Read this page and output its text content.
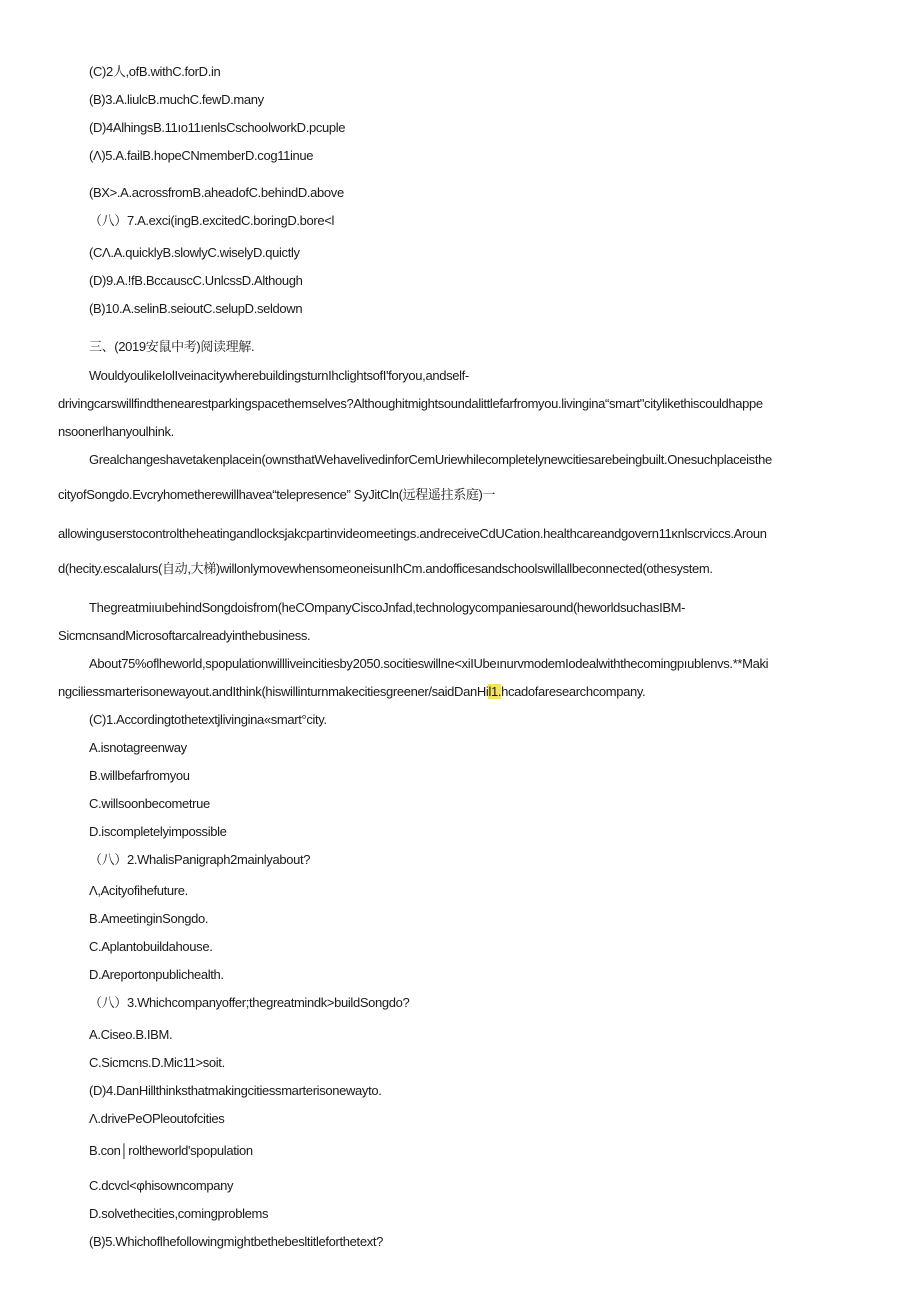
(C)2人,ofB.withC.forD.in
(B)3.A.liulcB.muchC.fewD.many
(D)4AlhingsB.11ıo11ıenlsCschoolworkD.pcuple
(Λ)5.A.failB.hopeCNmemberD.coɡ11inue
(BX>.A.acrossfromB.aheadofC.behindD.above
（八）7.A.exci(ingB.excitedC.boringD.bore<l
(CΛ.A.quicklyB.slowlyC.wiselyD.quictly
(D)9.A.!fB.BccauscC.UnlcssD.Although
(B)10.A.selinB.seioutC.selupD.seldown
三、(2019安鼠中考)阅读理解.
WouldyoulikeIolIveinacitywherebuildingsturnIhclightsofI'foryou,andself-
drivingcarswillfindthenearestparkingspacethemselves?Althoughitmightsoundalittlefarfromyou.livingina“smart"citylikethiscouldhappe
nsoonerlhanyoulhink.
Grealchangeshavetakenplacein(ownsthatWehavelivedinforCemUriewhilecompletelynewcitiesarebeingbuilt.Onesuchplaceisthe
cityofSongdo.Evcryhometherewillhavea“telepresence” SyJitCln(远程遥拄系庭)一
allowinguserstocontroltheheatingandlocksjakcpartinvideomeetings.andreceiveCdUCation.healthcareandgovern11κnlscrviccs.Aroun
d(hecity.escalalurs(自动,大梯)willonlymovewhensomeoneisunIhCm.andofficesandschoolswillallbeconnected(othesystem.
ThegreatmiıuıbehindSongdoisfrom(heCOmpanyCiscoJnfad,technologycompaniesaround(heworldsuchasIBM-
SicmcnsandMicrosoftarcalreadyinthebusiness.
About75%oflheworld,spopulationwillliveincitiesby2050.socitieswillne<xiIUbeınurvmodemIodealwiththecomingpıublenvs.**Maki
ngciliessmarterisonewayout.andIthink(hiswillinturnmakecitiesgreener/saidDanHil1.hcadofaresearchcompany.
(C)1.Accordingtothetextjlivingina«smart°city.
A.isnotagreenway
B.willbefarfromyou
C.willsoonbecometrue
D.iscompletelyimpossible
（八）2.WhalisPanigraph2mainlyabout?
Λ,Acityofihefuture.
B.AmeetinginSongdo.
C.Aplantobuildahouse.
D.Areportonpublichealth.
（八）3.Whichcompanyoffer;thegreatmindk>buildSongdo?
A.Ciseo.B.IBM.
C.Sicmcns.D.Mic11>soit.
(D)4.DanHillthinksthatmakingcitiessmarterisonewayto.
Λ.drivePeOPleoutofcities
B.con│roltheworld'spopulation
C.dcvcl<φhisowncompany
D.solvethecities,comingproblems
(B)5.Whichoflhefollowingmightbethebesltitleforthetext?
